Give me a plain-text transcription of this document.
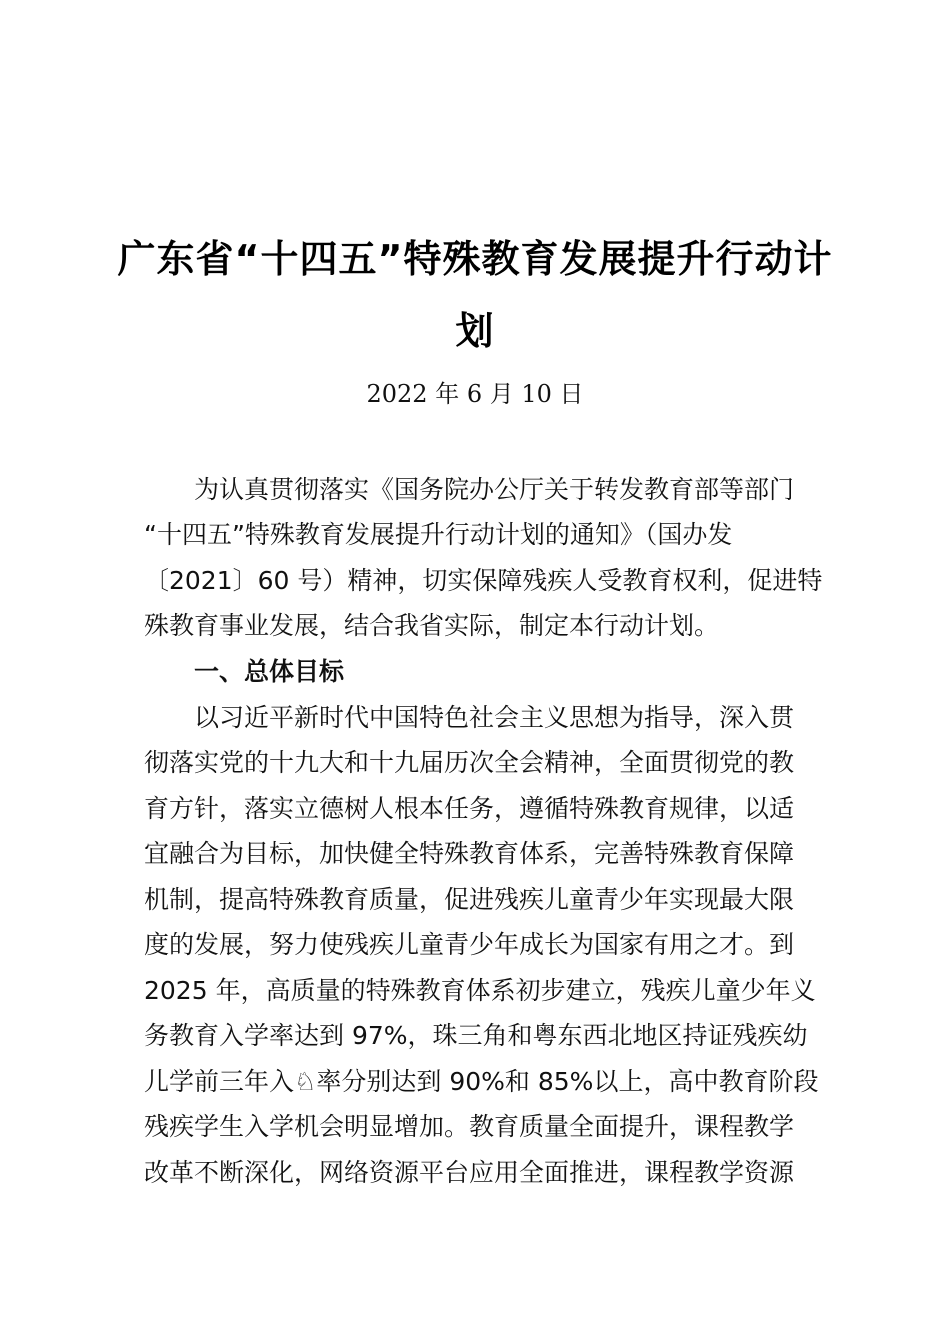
广东省“十四五”特殊教育发展提升行动计
划
2022 年 6 月 10 日
为认真贯彻落实《国务院办公厅关于转发教育部等部门
“十四五”特殊教育发展提升行动计划的通知》（国办发
〔2021〕60 号）精神，切实保障残疾人受教育权利，促进特
殊教育事业发展，结合我省实际，制定本行动计划。
一、总体目标
以习近平新时代中国特色社会主义思想为指导，深入贯
彻落实党的十九大和十九届历次全会精神，全面贯彻党的教
育方针，落实立德树人根本任务，遵循特殊教育规律，以适
宜融合为目标，加快健全特殊教育体系，完善特殊教育保障
机制，提高特殊教育质量，促进残疾儿童青少年实现最大限
度的发展，努力使残疾儿童青少年成长为国家有用之才。到
2025 年，高质量的特殊教育体系初步建立，残疾儿童少年义
务教育入学率达到 97%，珠三角和粤东西北地区持证残疾幼
儿学前三年入♘率分别达到 90%和 85%以上，高中教育阶段
残疾学生入学机会明显增加。教育质量全面提升，课程教学
改革不断深化，网络资源平台应用全面推进，课程教学资源
